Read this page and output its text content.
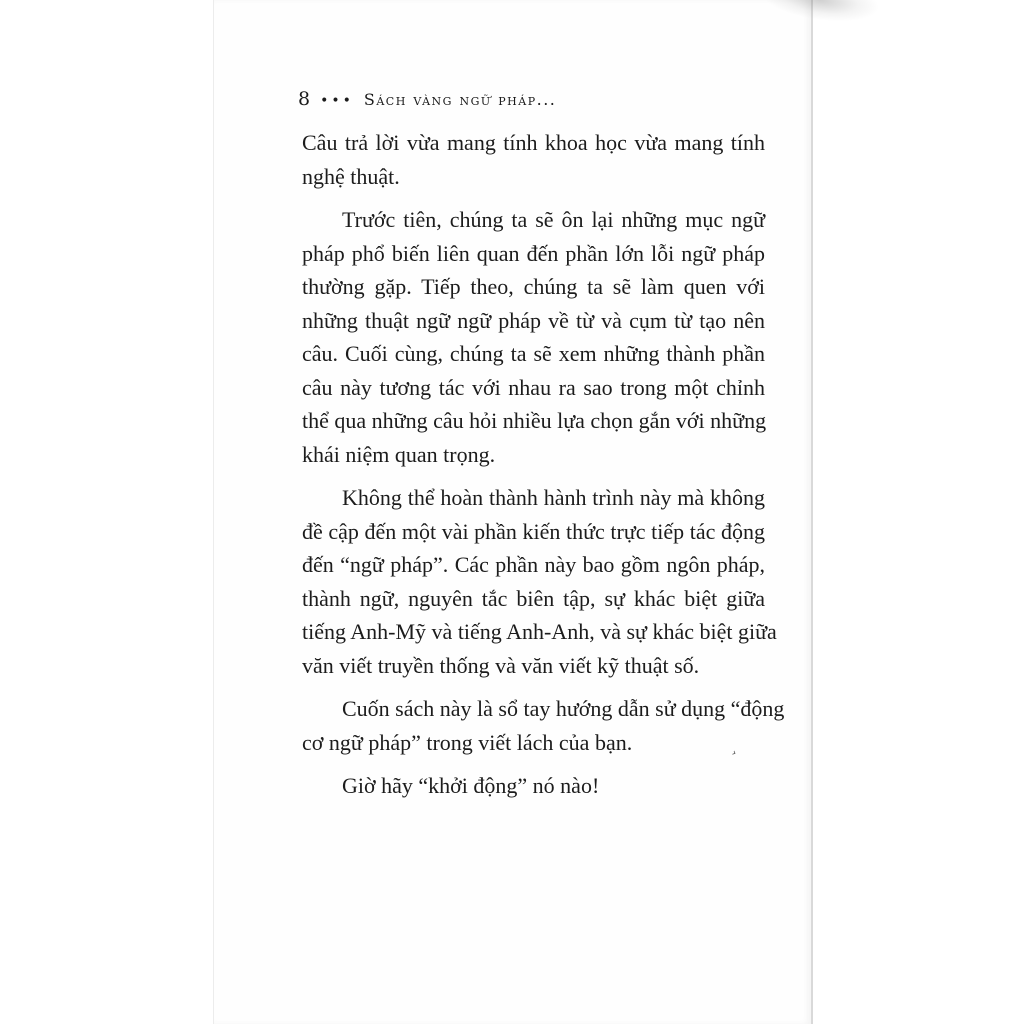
8 ••• Sách vàng ngữ pháp...

Câu trả lời vừa mang tính khoa học vừa mang tính
nghệ thuật.

Trước tiên, chúng ta sẽ ôn lại những mục ngữ
pháp phổ biến liên quan đến phần lớn lỗi ngữ pháp
thường gặp. Tiếp theo, chúng ta sẽ làm quen với
những thuật ngữ ngữ pháp về từ và cụm từ tạo nên
câu. Cuối cùng, chúng ta sẽ xem những thành phần
câu này tương tác với nhau ra sao trong một chỉnh
thể qua những câu hỏi nhiều lựa chọn gắn với những
khái niệm quan trọng.

Không thể hoàn thành hành trình này mà không
đề cập đến một vài phần kiến thức trực tiếp tác động
đến “ngữ pháp”. Các phần này bao gồm ngôn pháp,
thành ngữ, nguyên tắc biên tập, sự khác biệt giữa
tiếng Anh-Mỹ và tiếng Anh-Anh, và sự khác biệt giữa
văn viết truyền thống và văn viết kỹ thuật số.

Cuốn sách này là sổ tay hướng dẫn sử dụng “động
cơ ngữ pháp” trong viết lách của bạn.

Giờ hãy “khởi động” nó nào!

›
